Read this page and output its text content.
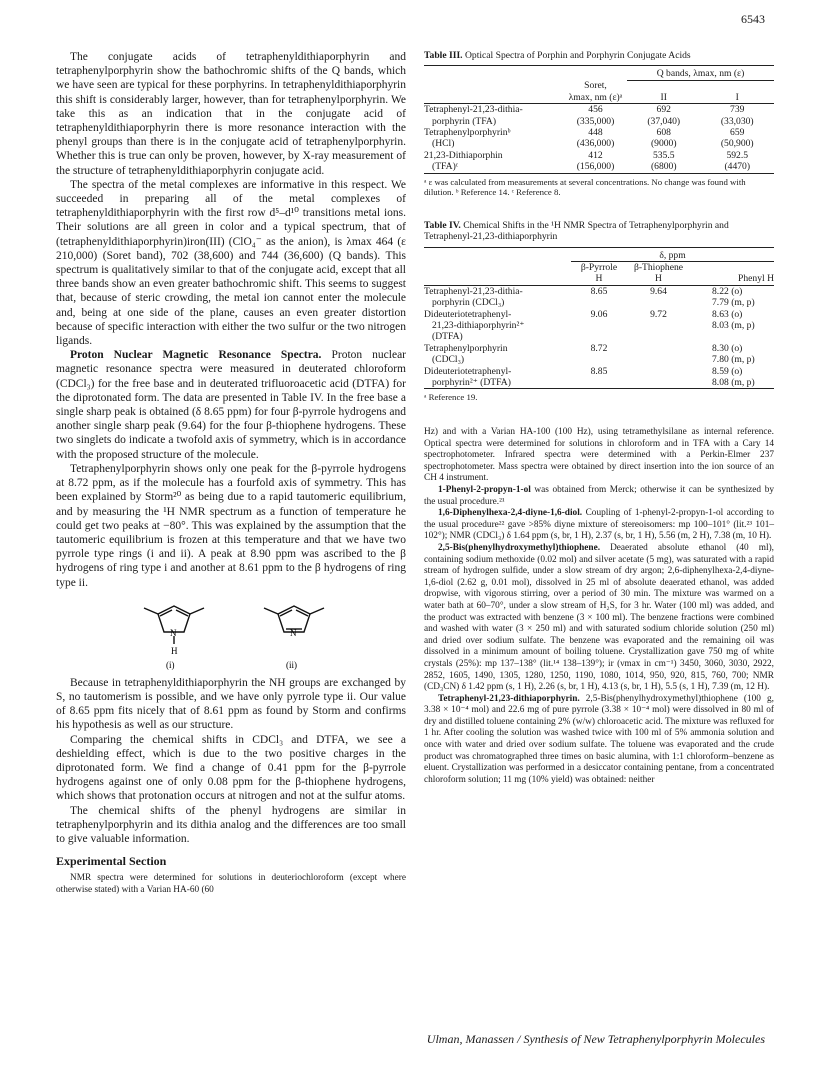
6543

The conjugate acids of tetraphenyldithiaporphyrin and tetraphenylporphyrin show the bathochromic shifts of the Q bands, which we have seen are typical for these porphyrins. In tetraphenyldithiaporphyrin this shift is considerably larger, however, than for tetraphenylporphyrin. We take this as an indication that in the conjugate acid of tetraphenyldithiaporphyrin there is more resonance interaction with the phenyl groups than there is in the conjugate acid of tetraphenylporphyrin. Whether this is true can only be proven, however, by X-ray measurement of the structure of tetraphenyldithiaporphyrin conjugate acid.

The spectra of the metal complexes are informative in this respect. We succeeded in preparing all of the metal complexes of tetraphenyldithiaporphyrin with the first row d⁵–d¹⁰ transitions metal ions. Their solutions are all green in color and a typical spectrum, that of (tetraphenyldithiaporphyrin)iron(III) (ClO₄⁻ as the anion), is λmax 464 (ε 210,000) (Soret band), 702 (38,600) and 744 (36,600) (Q bands). This spectrum is qualitatively similar to that of the conjugate acid, except that all three bands show an even greater bathochromic shift. This seems to suggest that, because of steric crowding, the metal ion cannot enter the molecule and, being at one side of the plane, causes an even greater distortion because of specific interaction with either the two sulfur or the two nitrogen ligands.

Proton Nuclear Magnetic Resonance Spectra. Proton nuclear magnetic resonance spectra were measured in deuterated chloroform (CDCl₃) for the free base and in deuterated trifluoroacetic acid (DTFA) for the diprotonated form. The data are presented in Table IV. In the free base a single sharp peak is obtained (δ 8.65 ppm) for four β-pyrrole hydrogens and another single sharp peak (9.64) for the four β-thiophene hydrogens. These two singlets do indicate a twofold axis of symmetry, which is in accordance with the proposed structure of the molecule.

Tetraphenylporphyrin shows only one peak for the β-pyrrole hydrogens at 8.72 ppm, as if the molecule has a fourfold axis of symmetry. This has been explained by Storm²⁰ as being due to a rapid tautomeric equilibrium, and by measuring the ¹H NMR spectrum as a function of temperature he could get two peaks at −80°. This was explained by the assumption that the tautomeric equilibrium is frozen at this temperature and that we have two pyrrole type rings (i and ii). A peak at 8.90 ppm was ascribed to the β hydrogens of ring type i and another at 8.61 ppm to the β hydrogens of ring type ii.

N
H
N
(i)	(ii)

Because in tetraphenyldithiaporphyrin the NH groups are exchanged by S, no tautomerism is possible, and we have only pyrrole type ii. Our value of 8.65 ppm fits nicely that of 8.61 ppm as found by Storm and confirms his hypothesis as well as our structure.

Comparing the chemical shifts in CDCl₃ and DTFA, we see a deshielding effect, which is due to the two positive charges in the diprotonated form. We find a change of 0.41 ppm for the β-pyrrole hydrogens against one of only 0.08 ppm for the β-thiophene hydrogens, which shows that protonation occurs at nitrogen and not at the sulfur atoms.

The chemical shifts of the phenyl hydrogens are similar in tetraphenylporphyrin and its dithia analog and the differences are too small to give valuable information.

Experimental Section

NMR spectra were determined for solutions in deuteriochloroform (except where otherwise stated) with a Varian HA-60 (60

Table III. Optical Spectra of Porphin and Porphyrin Conjugate Acids
		Q bands, λmax, nm (ε)	
	Soret,		
	λmax, nm (ε)ᵃ	II	I
Tetraphenyl-21,23-dithia-	456	692	739
porphyrin (TFA)	(335,000)	(37,040)	(33,030)
Tetraphenylporphyrinᵇ	448	608	659
(HCl)	(436,000)	(9000)	(50,900)
21,23-Dithiaporphin	412	535.5	592.5
(TFA)ᶜ	(156,000)	(6800)	(4470)
ᵃ ε was calculated from measurements at several concentrations. No change was found with dilution. ᵇ Reference 14. ᶜ Reference 8.
Table IV. Chemical Shifts in the ¹H NMR Spectra of Tetraphenylporphyrin and Tetraphenyl-21,23-dithiaporphyrin
	δ, ppm		
	β-Pyrrole	β-Thiophene	
	H	H	Phenyl H
Tetraphenyl-21,23-dithia-	8.65	9.64	8.22 (o)
porphyrin (CDCl₃)			7.79 (m, p)
Dideuteriotetraphenyl-	9.06	9.72	8.63 (o)
21,23-dithiaporphyrin²⁺			8.03 (m, p)
(DTFA)			
Tetraphenylporphyrin	8.72		8.30 (o)
(CDCl₃)			7.80 (m, p)
Dideuteriotetraphenyl-	8.85		8.59 (o)
porphyrin²⁺ (DTFA)			8.08 (m, p)
ᵃ Reference 19.

Hz) and with a Varian HA-100 (100 Hz), using tetramethylsilane as internal reference. Optical spectra were determined for solutions in chloroform and in TFA with a Cary 14 spectrophotometer. Infrared spectra were determined with a Perkin-Elmer 237 spectrophotometer. Mass spectra were obtained by direct insertion into the ion source of an CH 4 instrument.

1-Phenyl-2-propyn-1-ol was obtained from Merck; otherwise it can be synthesized by the usual procedure.²¹

1,6-Diphenylhexa-2,4-diyne-1,6-diol. Coupling of 1-phenyl-2-propyn-1-ol according to the usual procedure²² gave >85% diyne mixture of stereoisomers: mp 100–101° (lit.²³ 101–102°); NMR (CDCl₃) δ 1.64 ppm (s, br, 1 H), 2.37 (s, br, 1 H), 5.56 (m, 2 H), 7.38 (m, 10 H).

2,5-Bis(phenylhydroxymethyl)thiophene. Deaerated absolute ethanol (40 ml), containing sodium methoxide (0.02 mol) and silver acetate (5 mg), was saturated with a rapid stream of hydrogen sulfide, under a slow stream of dry argon; 2,6-diphenylhexa-2,4-diyne-1,6-diol (2.62 g, 0.01 mol), dissolved in 25 ml of absolute deaerated ethanol, was added dropwise, with vigorous stirring, over a period of 30 min. The mixture was warmed on a water bath at 60–70°, under a slow stream of H₂S, for 3 hr. Water (100 ml) was added, and the product was extracted with benzene (3 × 100 ml). The benzene fractions were combined and washed with water (3 × 250 ml) and with saturated sodium chloride solution (250 ml) and dried over sodium sulfate. The benzene was evaporated and the remaining oil was dissolved in a minimum amount of boiling toluene. Crystallization gave 750 mg of white crystals (25%): mp 137–138° (lit.¹⁴ 138–139°); ir (νmax in cm⁻¹) 3450, 3060, 3030, 2922, 2852, 1605, 1490, 1305, 1280, 1250, 1190, 1080, 1014, 950, 920, 815, 760, 700; NMR (CD₃CN) δ 1.42 ppm (s, 1 H), 2.26 (s, br, 1 H), 4.13 (s, br, 1 H), 5.5 (s, 1 H), 7.39 (m, 12 H).

Tetraphenyl-21,23-dithiaporphyrin. 2,5-Bis(phenylhydroxymethyl)thiophene (100 g, 3.38 × 10⁻⁴ mol) and 22.6 mg of pure pyrrole (3.38 × 10⁻⁴ mol) were dissolved in 80 ml of dry and distilled toluene containing 2% (w/w) chloroacetic acid. The mixture was refluxed for 1 hr. After cooling the solution was washed twice with 100 ml of 5% ammonia solution and once with water and dried over sodium sulfate. The toluene was evaporated and the crude product was chromatographed three times on basic alumina, with 1:1 chloroform–benzene as eluent. Crystallization was performed in a desiccator containing pentane, from a concentrated chloroform solution; 11 mg (10% yield) was obtained: neither

Ulman, Manassen / Synthesis of New Tetraphenylporphyrin Molecules
